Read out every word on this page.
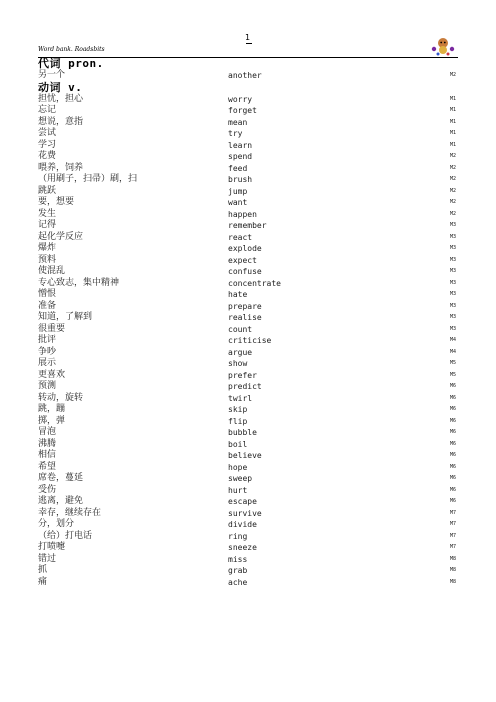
1
Word bank. Roadsbits
代词 pron.
另一个	another	M2
动词 v.
担忧，担心	worry	M1
忘记	forget	M1
想说，意指	mean	M1
尝试	try	M1
学习	learn	M1
花费	spend	M2
喂养，饲养	feed	M2
（用刷子，扫帚）刷，扫	brush	M2
跳跃	jump	M2
要，想要	want	M2
发生	happen	M2
记得	remember	M3
起化学反应	react	M3
爆炸	explode	M3
预料	expect	M3
使混乱	confuse	M3
专心致志，集中精神	concentrate	M3
憎恨	hate	M3
准备	prepare	M3
知道，了解到	realise	M3
很重要	count	M3
批评	criticise	M4
争吵	argue	M4
展示	show	M5
更喜欢	prefer	M5
预测	predict	M6
转动，旋转	twirl	M6
跳，蹦	skip	M6
掷，弹	flip	M6
冒泡	bubble	M6
沸腾	boil	M6
相信	believe	M6
希望	hope	M6
席卷，蔓延	sweep	M6
受伤	hurt	M6
逃离，避免	escape	M6
幸存，继续存在	survive	M7
分，划分	divide	M7
（给）打电话	ring	M7
打喷嚏	sneeze	M7
错过	miss	M8
抓	grab	M8
痛	ache	M8
